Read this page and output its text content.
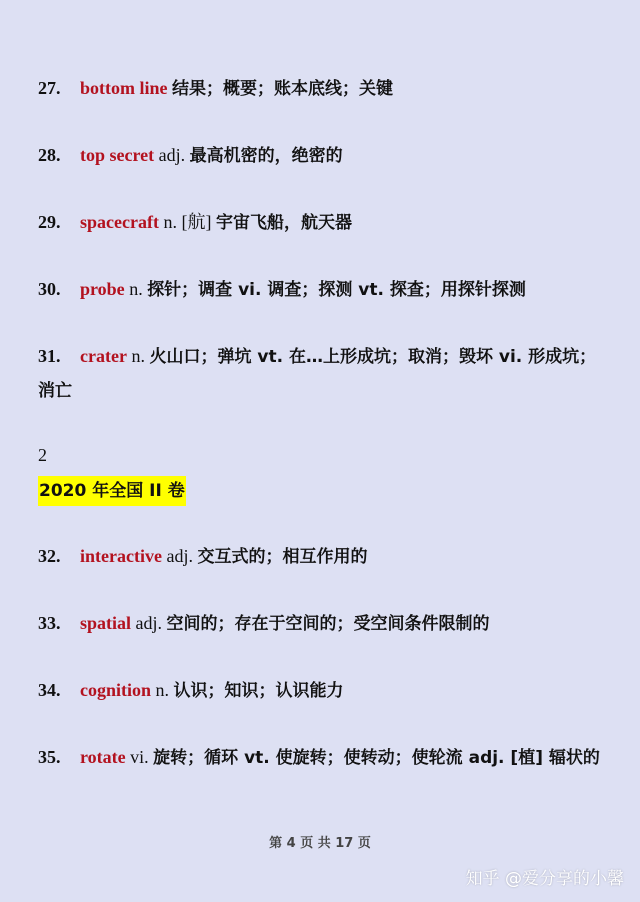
27. bottom line 结果；概要；账本底线；关键
28. top secret adj. 最高机密的，绝密的
29. spacecraft n. [航] 宇宙飞船，航天器
30. probe n. 探针；调查 vi. 调查；探测 vt. 探查；用探针探测
31. crater n. 火山口；弹坑 vt. 在…上形成坑；取消；毁坏 vi. 形成坑；消亡
2
2020 年全国 II 卷
32. interactive adj. 交互式的；相互作用的
33. spatial adj. 空间的；存在于空间的；受空间条件限制的
34. cognition n. 认识；知识；认识能力
35. rotate vi. 旋转；循环 vt. 使旋转；使转动；使轮流 adj. [植] 辐状的
第 4 页 共 17 页
知乎 @爱分享的小馨
